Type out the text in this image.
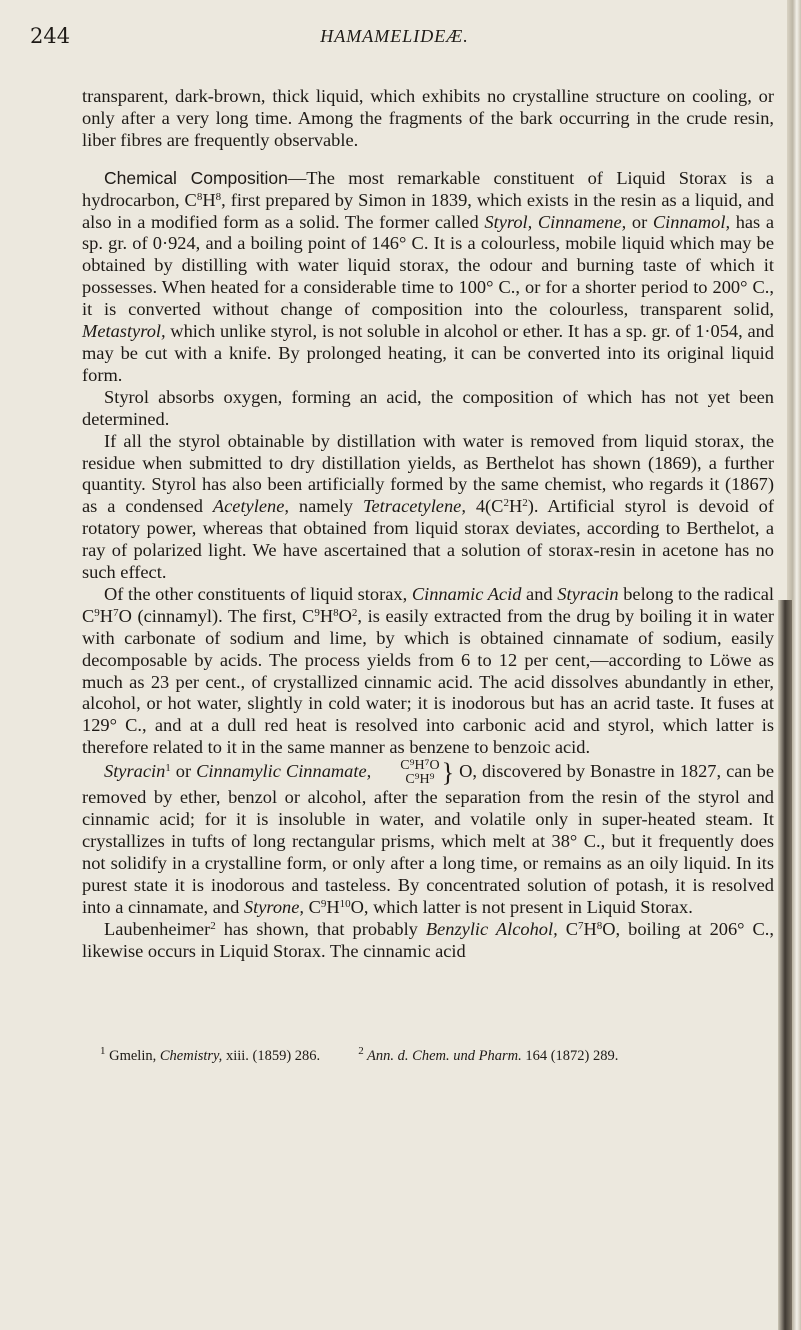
244	HAMAMELIDEÆ.

transparent, dark-brown, thick liquid, which exhibits no crystalline structure on cooling, or only after a very long time. Among the fragments of the bark occurring in the crude resin, liber fibres are frequently observable.

Chemical Composition—The most remarkable constituent of Liquid Storax is a hydrocarbon, $C^8H^8$, first prepared by Simon in 1839, which exists in the resin as a liquid, and also in a modified form as a solid. The former called Styrol, Cinnamene, or Cinnamol, has a sp. gr. of 0·924, and a boiling point of 146° C. It is a colourless, mobile liquid which may be obtained by distilling with water liquid storax, the odour and burning taste of which it possesses. When heated for a considerable time to 100° C., or for a shorter period to 200° C., it is converted without change of composition into the colourless, transparent solid, Metastyrol, which unlike styrol, is not soluble in alcohol or ether. It has a sp. gr. of 1·054, and may be cut with a knife. By prolonged heating, it can be converted into its original liquid form.

Styrol absorbs oxygen, forming an acid, the composition of which has not yet been determined.

If all the styrol obtainable by distillation with water is removed from liquid storax, the residue when submitted to dry distillation yields, as Berthelot has shown (1869), a further quantity. Styrol has also been artificially formed by the same chemist, who regards it (1867) as a condensed Acetylene, namely Tetracetylene, $4(C^2H^2)$. Artificial styrol is devoid of rotatory power, whereas that obtained from liquid storax deviates, according to Berthelot, a ray of polarized light. We have ascertained that a solution of storax-resin in acetone has no such effect.

Of the other constituents of liquid storax, Cinnamic Acid and Styracin belong to the radical $C^9H^7O$ (cinnamyl). The first, $C^9H^8O^2$, is easily extracted from the drug by boiling it in water with carbonate of sodium and lime, by which is obtained cinnamate of sodium, easily decomposable by acids. The process yields from 6 to 12 per cent,—according to Löwe as much as 23 per cent., of crystallized cinnamic acid. The acid dissolves abundantly in ether, alcohol, or hot water, slightly in cold water; it is inodorous but has an acrid taste. It fuses at 129° C., and at a dull red heat is resolved into carbonic acid and styrol, which latter is therefore related to it in the same manner as benzene to benzoic acid.

Styracin$^1$ or Cinnamylic Cinnamate,	C⁹H⁷O
C⁹H⁹ } O, discovered by Bonastre in 1827, can be removed by ether, benzol or alcohol, after the separation from the resin of the styrol and cinnamic acid; for it is insoluble in water, and volatile only in super-heated steam. It crystallizes in tufts of long rectangular prisms, which melt at 38° C., but it frequently does not solidify in a crystalline form, or only after a long time, or remains as an oily liquid. In its purest state it is inodorous and tasteless. By concentrated solution of potash, it is resolved into a cinnamate, and Styrone, $C^9H^{10}O$, which latter is not present in Liquid Storax.

Laubenheimer$^2$ has shown, that probably Benzylic Alcohol, $C^7H^8O$, boiling at 206° C., likewise occurs in Liquid Storax. The cinnamic acid

$^1$ Gmelin, Chemistry, xiii. (1859) 286.	$^2$ Ann. d. Chem. und Pharm. 164 (1872) 289.
